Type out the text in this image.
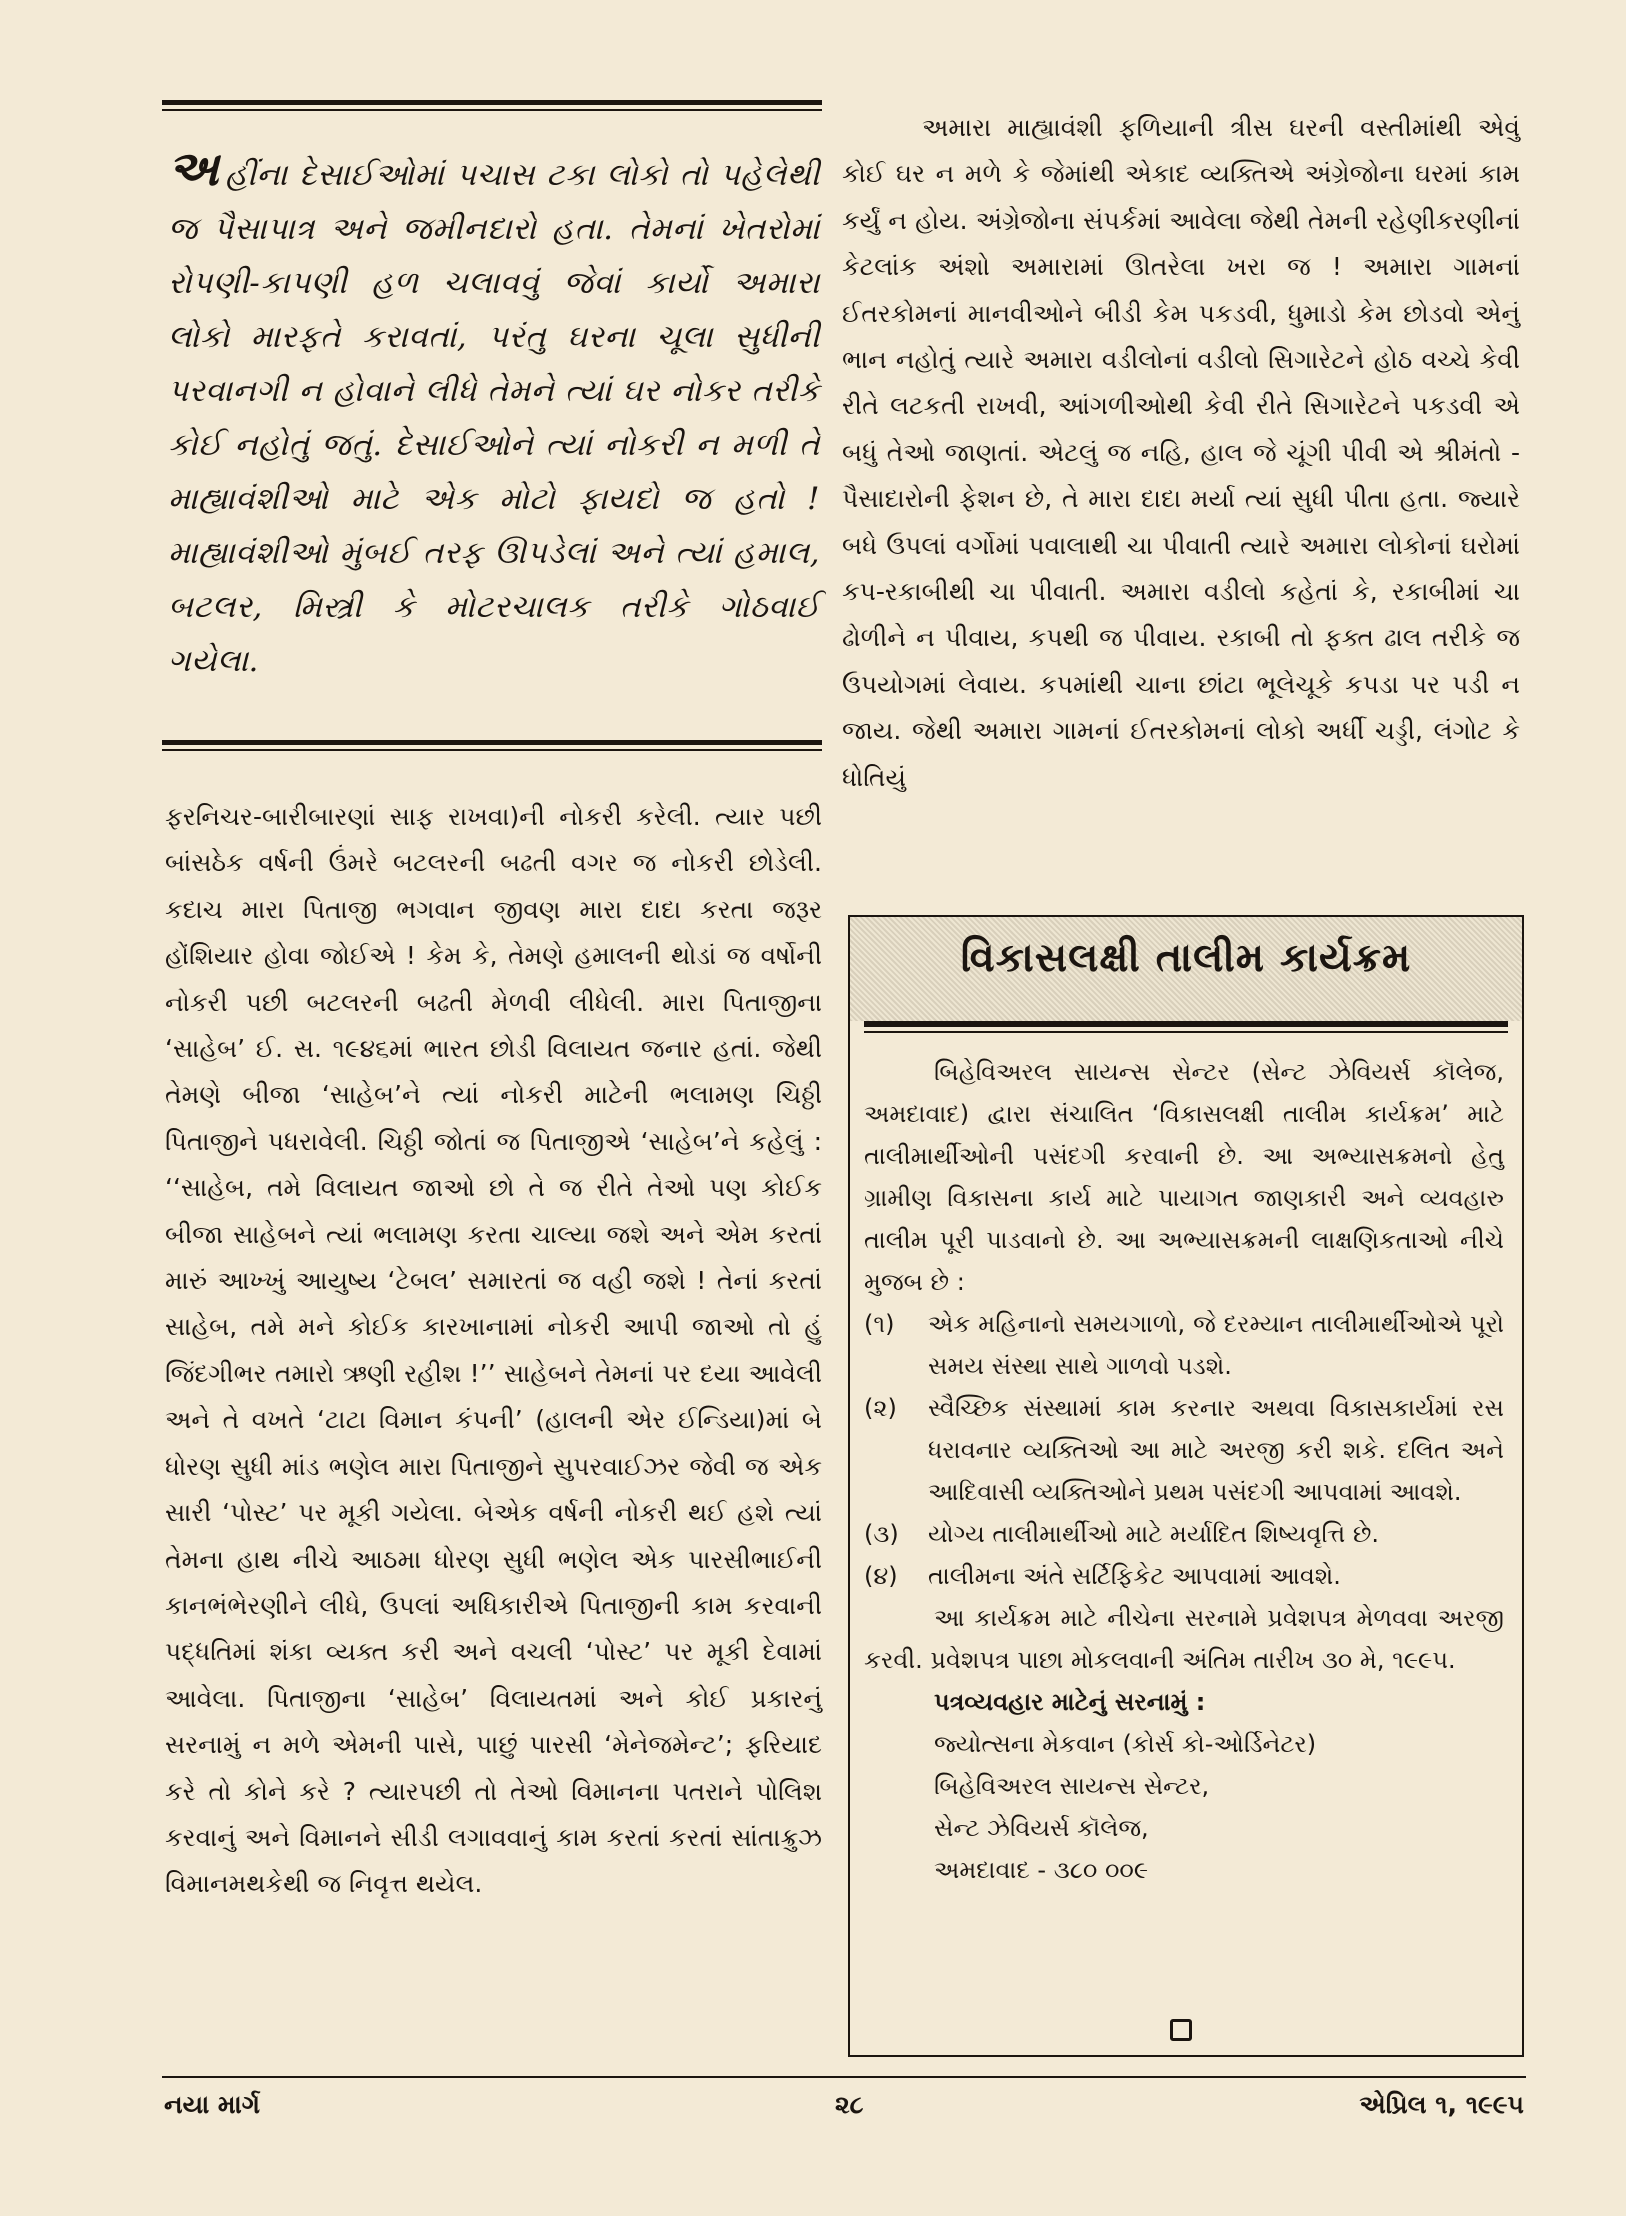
અહીંના દેસાઈઓમાં પચાસ ટકા લોકો તો પહેલેથી જ પૈસાપાત્ર અને જમીનદારો હતા. તેમનાં ખેતરોમાં રોપણી-કાપણી હળ ચલાવવું જેવાં કાર્યો અમારા લોકો મારફતે કરાવતાં, પરંતુ ઘરના ચૂલા સુધીની પરવાનગી ન હોવાને લીધે તેમને ત્યાં ઘર નોકર તરીકે કોઈ નહોતું જતું. દેસાઈઓને ત્યાં નોકરી ન મળી તે માહ્યાવંશીઓ માટે એક મોટો ફાયદો જ હતો ! માહ્યાવંશીઓ મુંબઈ તરફ ઊપડેલાં અને ત્યાં હમાલ, બટલર, મિસ્ત્રી કે મોટરચાલક તરીકે ગોઠવાઈ ગયેલા.

ફરનિચર-બારીબારણાં સાફ રાખવા)ની નોકરી કરેલી. ત્યાર પછી બાંસઠેક વર્ષની ઉંમરે બટલરની બઢતી વગર જ નોકરી છોડેલી. કદાચ મારા પિતાજી ભગવાન જીવણ મારા દાદા કરતા જરૂર હોંશિયાર હોવા જોઈએ ! કેમ કે, તેમણે હમાલની થોડાં જ વર્ષોની નોકરી પછી બટલરની બઢતી મેળવી લીધેલી. મારા પિતાજીના ‘સાહેબ’ ઈ. સ. ૧૯૪૬માં ભારત છોડી વિલાયત જનાર હતાં. જેથી તેમણે બીજા ‘સાહેબ’ને ત્યાં નોકરી માટેની ભલામણ ચિઠ્ઠી પિતાજીને પધરાવેલી. ચિઠ્ઠી જોતાં જ પિતાજીએ ‘સાહેબ’ને કહેલું : ‘‘સાહેબ, તમે વિલાયત જાઓ છો તે જ રીતે તેઓ પણ કોઈક બીજા સાહેબને ત્યાં ભલામણ કરતા ચાલ્યા જશે અને એમ કરતાં મારું આખ્ખું આયુષ્ય ‘ટેબલ’ સમારતાં જ વહી જશે ! તેનાં કરતાં સાહેબ, તમે મને કોઈક કારખાનામાં નોકરી આપી જાઓ તો હું જિંદગીભર તમારો ઋણી રહીશ !’’ સાહેબને તેમનાં પર દયા આવેલી અને તે વખતે ‘ટાટા વિમાન કંપની’ (હાલની એર ઈન્ડિયા)માં બે ધોરણ સુધી માંડ ભણેલ મારા પિતાજીને સુપરવાઈઝર જેવી જ એક સારી ‘પોસ્ટ’ પર મૂકી ગયેલા. બેએક વર્ષની નોકરી થઈ હશે ત્યાં તેમના હાથ નીચે આઠમા ધોરણ સુધી ભણેલ એક પારસીભાઈની કાનભંભેરણીને લીધે, ઉપલાં અધિકારીએ પિતાજીની કામ કરવાની પદ્ધતિમાં શંકા વ્યક્ત કરી અને વચલી ‘પોસ્ટ’ પર મૂકી દેવામાં આવેલા. પિતાજીના ‘સાહેબ’ વિલાયતમાં અને કોઈ પ્રકારનું સરનામું ન મળે એમની પાસે, પાછું પારસી ‘મેનેજમેન્ટ’; ફરિયાદ કરે તો કોને કરે ? ત્યારપછી તો તેઓ વિમાનના પતરાને પોલિશ કરવાનું અને વિમાનને સીડી લગાવવાનું કામ કરતાં કરતાં સાંતાક્રુઝ વિમાનમથકેથી જ નિવૃત્ત થયેલ.

અમારા માહ્યાવંશી ફળિયાની ત્રીસ ઘરની વસ્તીમાંથી એવું કોઈ ઘર ન મળે કે જેમાંથી એકાદ વ્યક્તિએ અંગ્રેજોના ઘરમાં કામ કર્યું ન હોય. અંગ્રેજોના સંપર્કમાં આવેલા જેથી તેમની રહેણીકરણીનાં કેટલાંક અંશો અમારામાં ઊતરેલા ખરા જ ! અમારા ગામનાં ઈતરકોમનાં માનવીઓને બીડી કેમ પકડવી, ધુમાડો કેમ છોડવો એનું ભાન નહોતું ત્યારે અમારા વડીલોનાં વડીલો સિગારેટને હોઠ વચ્ચે કેવી રીતે લટકતી રાખવી, આંગળીઓથી કેવી રીતે સિગારેટને પકડવી એ બધું તેઓ જાણતાં. એટલું જ નહિ, હાલ જે ચૂંગી પીવી એ શ્રીમંતો - પૈસાદારોની ફેશન છે, તે મારા દાદા મર્યા ત્યાં સુધી પીતા હતા. જ્યારે બધે ઉપલાં વર્ગોમાં પવાલાથી ચા પીવાતી ત્યારે અમારા લોકોનાં ઘરોમાં કપ-રકાબીથી ચા પીવાતી. અમારા વડીલો કહેતાં કે, રકાબીમાં ચા ઢોળીને ન પીવાય, કપથી જ પીવાય. રકાબી તો ફક્ત ઢાલ તરીકે જ ઉપયોગમાં લેવાય. કપમાંથી ચાના છાંટા ભૂલેચૂકે કપડા પર પડી ન જાય. જેથી અમારા ગામનાં ઈતરકોમનાં લોકો અર્ધી ચડ્ડી, લંગોટ કે ધોતિયું

વિકાસલક્ષી તાલીમ કાર્યક્રમ

બિહેવિઅરલ સાયન્સ સેન્ટર (સેન્ટ ઝેવિયર્સ કૉલેજ, અમદાવાદ) દ્વારા સંચાલિત ‘વિકાસલક્ષી તાલીમ કાર્યક્રમ’ માટે તાલીમાર્થીઓની પસંદગી કરવાની છે. આ અભ્યાસક્રમનો હેતુ ગ્રામીણ વિકાસના કાર્ય માટે પાયાગત જાણકારી અને વ્યવહારુ તાલીમ પૂરી પાડવાનો છે. આ અભ્યાસક્રમની લાક્ષણિકતાઓ નીચે મુજબ છે :

(૧)	એક મહિનાનો સમયગાળો, જે દરમ્યાન તાલીમાર્થીઓએ પૂરો સમય સંસ્થા સાથે ગાળવો પડશે.
(૨)	સ્વૈચ્છિક સંસ્થામાં કામ કરનાર અથવા વિકાસકાર્યમાં રસ ધરાવનાર વ્યક્તિઓ આ માટે અરજી કરી શકે. દલિત અને આદિવાસી વ્યક્તિઓને પ્રથમ પસંદગી આપવામાં આવશે.
(૩)	યોગ્ય તાલીમાર્થીઓ માટે મર્યાદિત શિષ્યવૃત્તિ છે.
(૪)	તાલીમના અંતે સર્ટિફિકેટ આપવામાં આવશે.

આ કાર્યક્રમ માટે નીચેના સરનામે પ્રવેશપત્ર મેળવવા અરજી કરવી. પ્રવેશપત્ર પાછા મોકલવાની અંતિમ તારીખ ૩૦ મે, ૧૯૯૫.

પત્રવ્યવહાર માટેનું સરનામું :
જ્યોત્સના મેકવાન (કોર્સ કો-ઓર્ડિનેટર)
બિહેવિઅરલ સાયન્સ સેન્ટર,
સેન્ટ ઝેવિયર્સ કૉલેજ,
અમદાવાદ - ૩૮૦ ૦૦૯
નયા માર્ગ	૨૮	એપ્રિલ ૧, ૧૯૯૫
